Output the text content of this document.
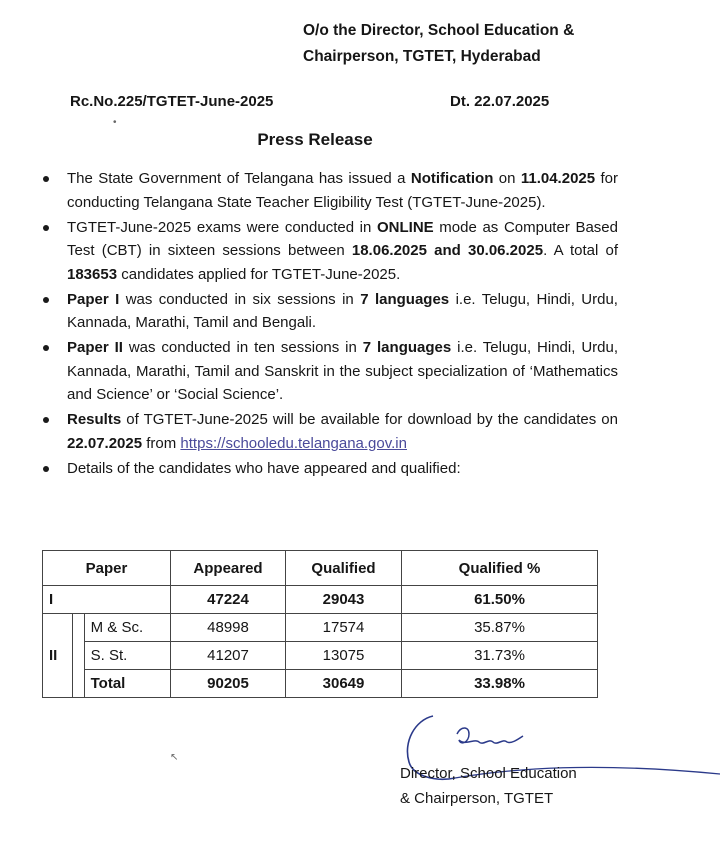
O/o the Director, School Education &
Chairperson, TGTET, Hyderabad
Rc.No.225/TGTET-June-2025	Dt. 22.07.2025
•
Press Release
The State Government of Telangana has issued a Notification on 11.04.2025 for conducting Telangana State Teacher Eligibility Test (TGTET-June-2025).
TGTET-June-2025 exams were conducted in ONLINE mode as Computer Based Test (CBT) in sixteen sessions between 18.06.2025 and 30.06.2025. A total of 183653 candidates applied for TGTET-June-2025.
Paper I was conducted in six sessions in 7 languages i.e. Telugu, Hindi, Urdu, Kannada, Marathi, Tamil and Bengali.
Paper II was conducted in ten sessions in 7 languages i.e. Telugu, Hindi, Urdu, Kannada, Marathi, Tamil and Sanskrit in the subject specialization of ‘Mathematics and Science’ or ‘Social Science’.
Results of TGTET-June-2025 will be available for download by the candidates on 22.07.2025 from https://schooledu.telangana.gov.in
Details of the candidates who have appeared and qualified:
Paper			Appeared	Qualified	Qualified %
I			47224	29043	61.50%
II		M & Sc.	48998	17574	35.87%
		S. St.	41207	13075	31.73%
		Total	90205	30649	33.98%
↖
Director, School Education
& Chairperson, TGTET
